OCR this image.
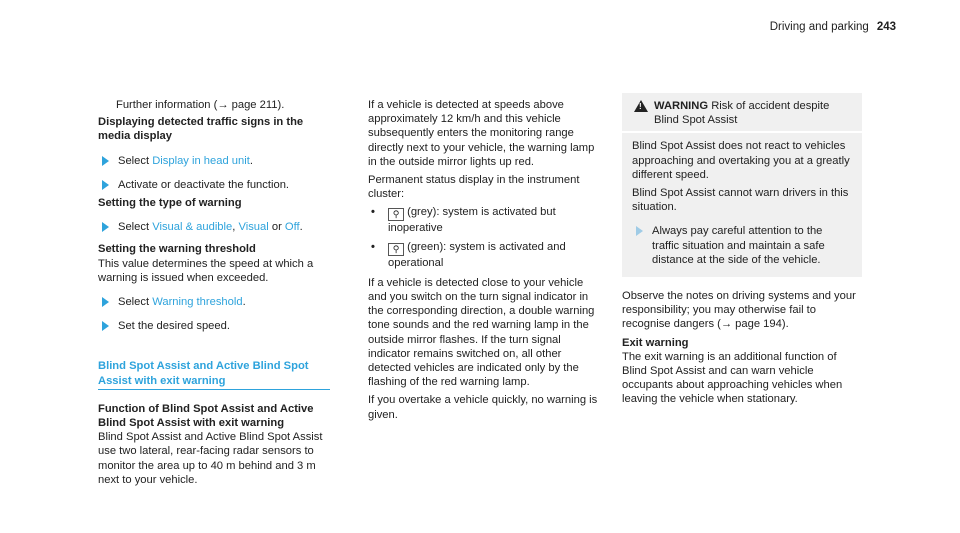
Driving and parking 243

Further information (→ page 211).

Displaying detected traffic signs in the media display

Select Display in head unit.

Activate or deactivate the function.

Setting the type of warning

Select Visual & audible, Visual or Off.

Setting the warning threshold

This value determines the speed at which a warning is issued when exceeded.

Select Warning threshold.

Set the desired speed.

Blind Spot Assist and Active Blind Spot Assist with exit warning

Function of Blind Spot Assist and Active Blind Spot Assist with exit warning

Blind Spot Assist and Active Blind Spot Assist use two lateral, rear-facing radar sensors to monitor the area up to 40 m behind and 3 m next to your vehicle.

If a vehicle is detected at speeds above approximately 12 km/h and this vehicle subsequently enters the monitoring range directly next to your vehicle, the warning lamp in the outside mirror lights up red.

Permanent status display in the instrument cluster:

• ⚲ (grey): system is activated but inoperative

• ⚲ (green): system is activated and operational

If a vehicle is detected close to your vehicle and you switch on the turn signal indicator in the corresponding direction, a double warning tone sounds and the red warning lamp in the outside mirror flashes. If the turn signal indicator remains switched on, all other detected vehicles are indicated only by the flashing of the red warning lamp.

If you overtake a vehicle quickly, no warning is given.

! WARNING Risk of accident despite Blind Spot Assist

Blind Spot Assist does not react to vehicles approaching and overtaking you at a greatly different speed.

Blind Spot Assist cannot warn drivers in this situation.

Always pay careful attention to the traffic situation and maintain a safe distance at the side of the vehicle.

Observe the notes on driving systems and your responsibility; you may otherwise fail to recognise dangers (→ page 194).

Exit warning

The exit warning is an additional function of Blind Spot Assist and can warn vehicle occupants about approaching vehicles when leaving the vehicle when stationary.
